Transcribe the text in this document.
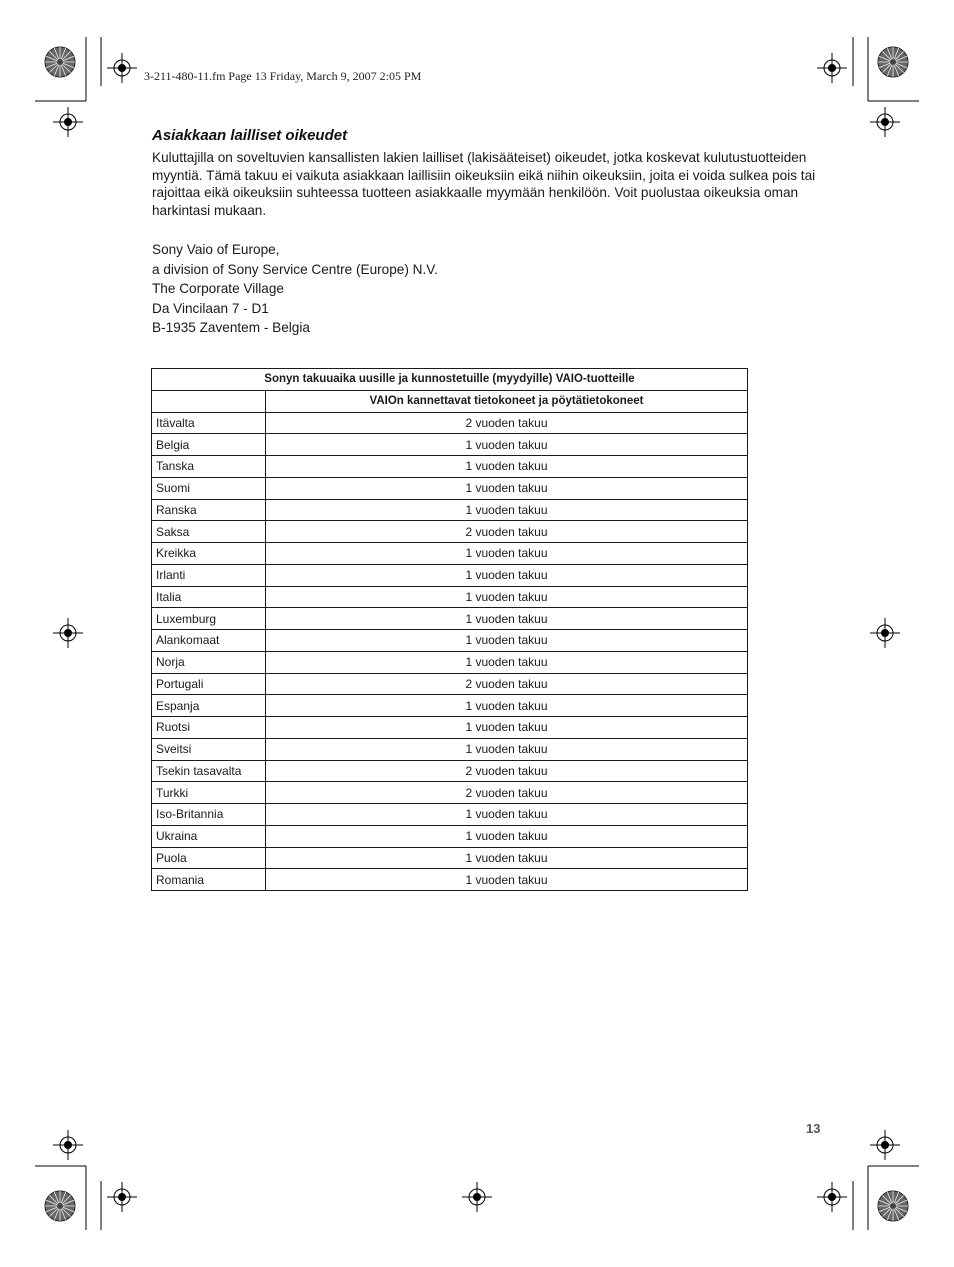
3-211-480-11.fm Page 13 Friday, March 9, 2007 2:05 PM
Asiakkaan lailliset oikeudet

Kuluttajilla on soveltuvien kansallisten lakien lailliset (lakisääteiset) oikeudet, jotka koskevat kulutustuotteiden myyntiä. Tämä takuu ei vaikuta asiakkaan laillisiin oikeuksiin eikä niihin oikeuksiin, joita ei voida sulkea pois tai rajoittaa eikä oikeuksiin suhteessa tuotteen asiakkaalle myymään henkilöön. Voit puolustaa oikeuksia oman harkintasi mukaan.

Sony Vaio of Europe,
a division of Sony Service Centre (Europe) N.V.
The Corporate Village
Da Vincilaan 7 - D1
B-1935 Zaventem - Belgia
Sonyn takuuaika uusille ja kunnostetuille (myydyille) VAIO-tuotteille	
	VAIOn kannettavat tietokoneet ja pöytätietokoneet
Itävalta	2 vuoden takuu
Belgia	1 vuoden takuu
Tanska	1 vuoden takuu
Suomi	1 vuoden takuu
Ranska	1 vuoden takuu
Saksa	2 vuoden takuu
Kreikka	1 vuoden takuu
Irlanti	1 vuoden takuu
Italia	1 vuoden takuu
Luxemburg	1 vuoden takuu
Alankomaat	1 vuoden takuu
Norja	1 vuoden takuu
Portugali	2 vuoden takuu
Espanja	1 vuoden takuu
Ruotsi	1 vuoden takuu
Sveitsi	1 vuoden takuu
Tsekin tasavalta	2 vuoden takuu
Turkki	2 vuoden takuu
Iso-Britannia	1 vuoden takuu
Ukraina	1 vuoden takuu
Puola	1 vuoden takuu
Romania	1 vuoden takuu
13
